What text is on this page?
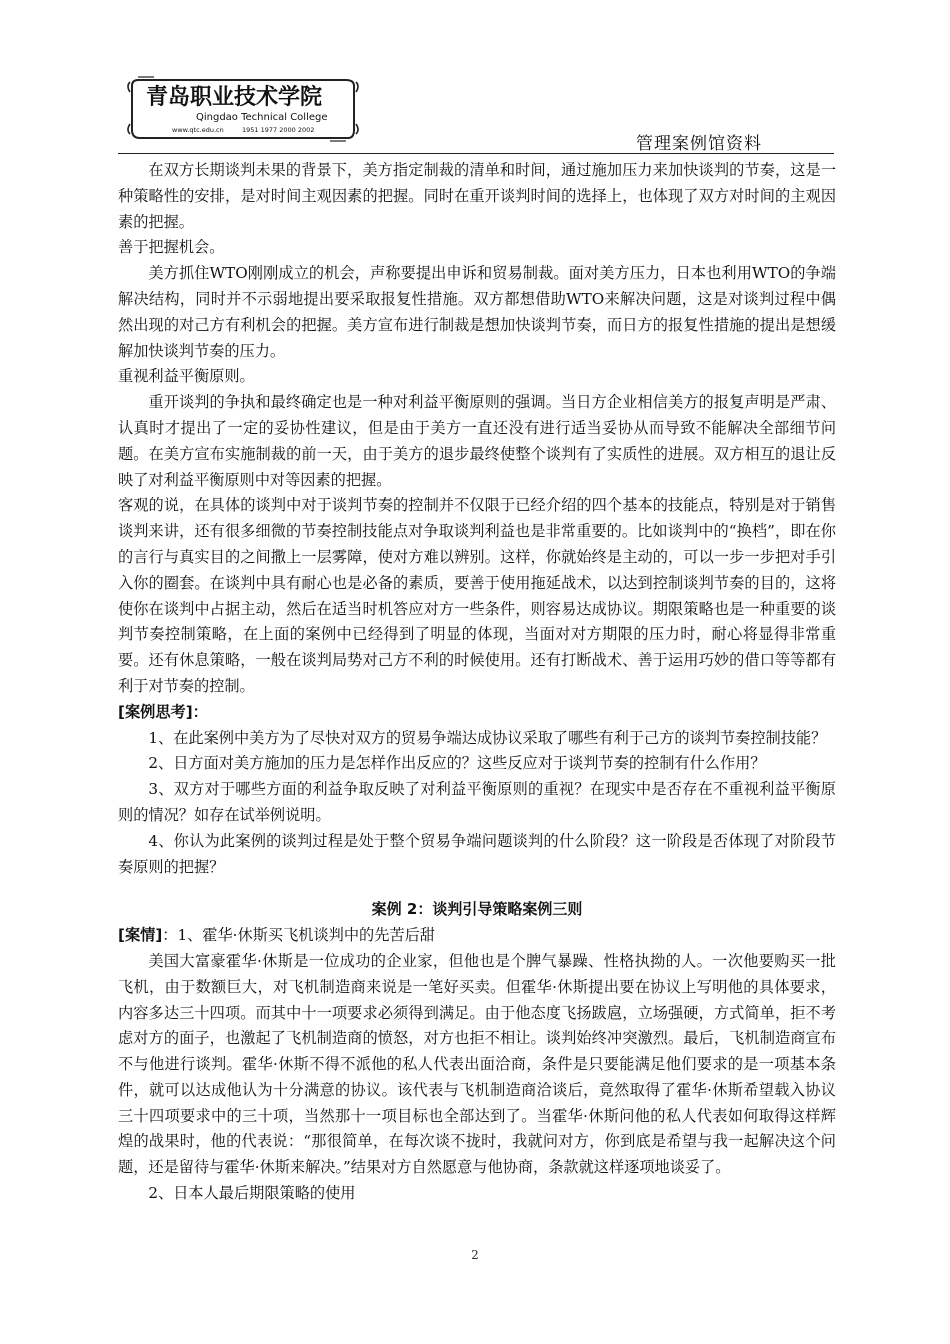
青岛职业技术学院
Qingdao Technical College
www.qtc.edu.cn	1951 1977 2000 2002
管理案例馆资料

在双方长期谈判未果的背景下，美方指定制裁的清单和时间，通过施加压力来加快谈判的节奏，这是一种策略性的安排，是对时间主观因素的把握。同时在重开谈判时间的选择上，也体现了双方对时间的主观因素的把握。

善于把握机会。

美方抓住WTO刚刚成立的机会，声称要提出申诉和贸易制裁。面对美方压力，日本也利用WTO的争端解决结构，同时并不示弱地提出要采取报复性措施。双方都想借助WTO来解决问题，这是对谈判过程中偶然出现的对己方有利机会的把握。美方宣布进行制裁是想加快谈判节奏，而日方的报复性措施的提出是想缓解加快谈判节奏的压力。

重视利益平衡原则。

重开谈判的争执和最终确定也是一种对利益平衡原则的强调。当日方企业相信美方的报复声明是严肃、认真时才提出了一定的妥协性建议，但是由于美方一直还没有进行适当妥协从而导致不能解决全部细节问题。在美方宣布实施制裁的前一天，由于美方的退步最终使整个谈判有了实质性的进展。双方相互的退让反映了对利益平衡原则中对等因素的把握。

客观的说，在具体的谈判中对于谈判节奏的控制并不仅限于已经介绍的四个基本的技能点，特别是对于销售谈判来讲，还有很多细微的节奏控制技能点对争取谈判利益也是非常重要的。比如谈判中的“换档”，即在你的言行与真实目的之间撒上一层雾障，使对方难以辨别。这样，你就始终是主动的，可以一步一步把对手引入你的圈套。在谈判中具有耐心也是必备的素质，要善于使用拖延战术，以达到控制谈判节奏的目的，这将使你在谈判中占据主动，然后在适当时机答应对方一些条件，则容易达成协议。期限策略也是一种重要的谈判节奏控制策略，在上面的案例中已经得到了明显的体现，当面对对方期限的压力时，耐心将显得非常重要。还有休息策略，一般在谈判局势对己方不利的时候使用。还有打断战术、善于运用巧妙的借口等等都有利于对节奏的控制。

[案例思考]：

1、在此案例中美方为了尽快对双方的贸易争端达成协议采取了哪些有利于己方的谈判节奏控制技能？

2、日方面对美方施加的压力是怎样作出反应的？这些反应对于谈判节奏的控制有什么作用？

3、双方对于哪些方面的利益争取反映了对利益平衡原则的重视？在现实中是否存在不重视利益平衡原则的情况？如存在试举例说明。

4、你认为此案例的谈判过程是处于整个贸易争端问题谈判的什么阶段？这一阶段是否体现了对阶段节奏原则的把握？

案例 2：谈判引导策略案例三则

[案情]：1、霍华·休斯买飞机谈判中的先苦后甜

美国大富豪霍华·休斯是一位成功的企业家，但他也是个脾气暴躁、性格执拗的人。一次他要购买一批飞机，由于数额巨大，对飞机制造商来说是一笔好买卖。但霍华·休斯提出要在协议上写明他的具体要求，内容多达三十四项。而其中十一项要求必须得到满足。由于他态度飞扬跋扈，立场强硬，方式简单，拒不考虑对方的面子，也激起了飞机制造商的愤怒，对方也拒不相让。谈判始终冲突激烈。最后，飞机制造商宣布不与他进行谈判。霍华·休斯不得不派他的私人代表出面洽商，条件是只要能满足他们要求的是一项基本条件，就可以达成他认为十分满意的协议。该代表与飞机制造商洽谈后，竟然取得了霍华·休斯希望载入协议三十四项要求中的三十项，当然那十一项目标也全部达到了。当霍华·休斯问他的私人代表如何取得这样辉煌的战果时，他的代表说：“那很简单，在每次谈不拢时，我就问对方，你到底是希望与我一起解决这个问题，还是留待与霍华·休斯来解决。”结果对方自然愿意与他协商，条款就这样逐项地谈妥了。

2、日本人最后期限策略的使用

2
